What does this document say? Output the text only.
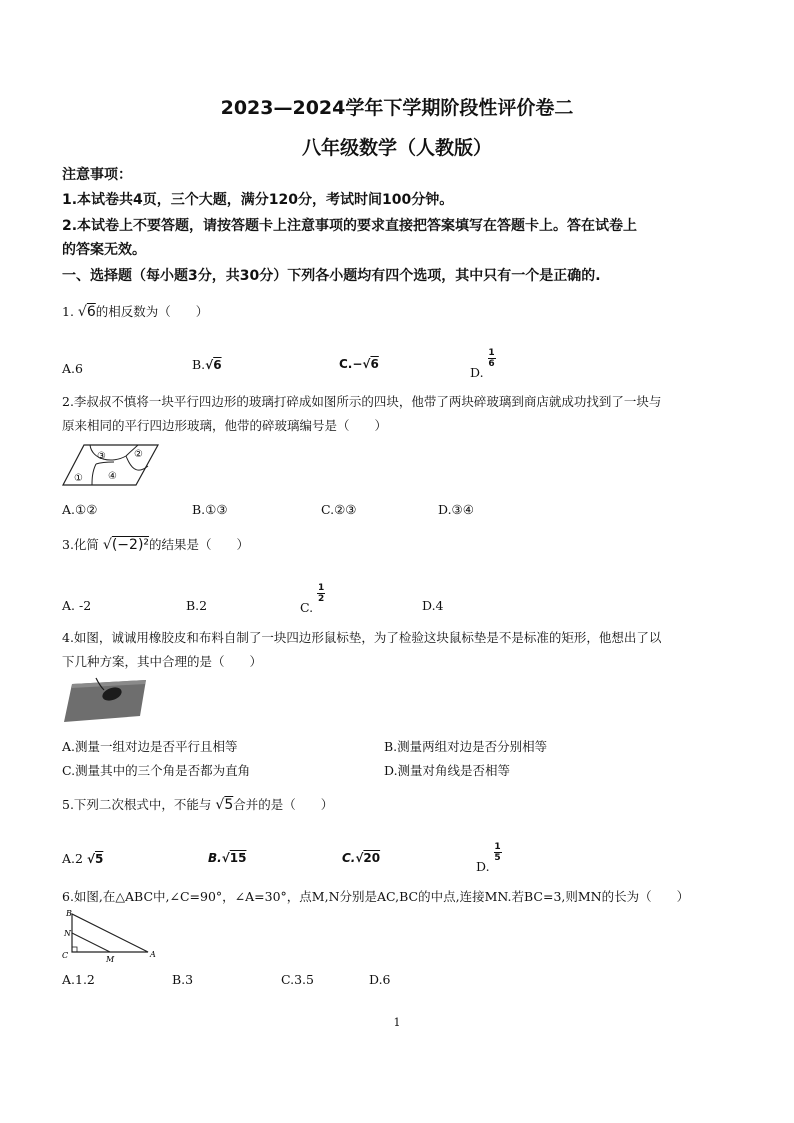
2023—2024学年下学期阶段性评价卷二
八年级数学（人教版）
注意事项：
1.本试卷共4页，三个大题，满分120分，考试时间100分钟。
2.本试卷上不要答题，请按答题卡上注意事项的要求直接把答案填写在答题卡上。答在试卷上
的答案无效。
一、选择题（每小题3分，共30分）下列各小题均有四个选项，其中只有一个是正确的.
1. √6的相反数为（　　）
A.6	B.√6	C.−√6
D.
$\frac{1}{6}$
2.李叔叔不慎将一块平行四边形的玻璃打碎成如图所示的四块，他带了两块碎玻璃到商店就成功找到了一块与
原来相同的平行四边形玻璃，他带的碎玻璃编号是（　　）
③	②
①	④
A.①②	B.①③	C.②③	D.③④
3.化简 √(−2)²的结果是（　　）
A. -2	B.2	C.
$\frac{1}{2}$
D.4
4.如图，诚诚用橡胶皮和布料自制了一块四边形鼠标垫，为了检验这块鼠标垫是不是标准的矩形，他想出了以
下几种方案，其中合理的是（　　）
A.测量一组对边是否平行且相等	B.测量两组对边是否分别相等
C.测量其中的三个角是否都为直角	D.测量对角线是否相等
5.下列二次根式中，不能与 √5合并的是（　　）
A.2 √5	B.√15	C.√20
D.
$\frac{1}{5}$
6.如图,在△ABC中,∠C=90°，∠A=30°，点M,N分别是AC,BC的中点,连接MN.若BC=3,则MN的长为（　　）
B
N
C	M
A
A.1.2	B.3	C.3.5	D.6
1
